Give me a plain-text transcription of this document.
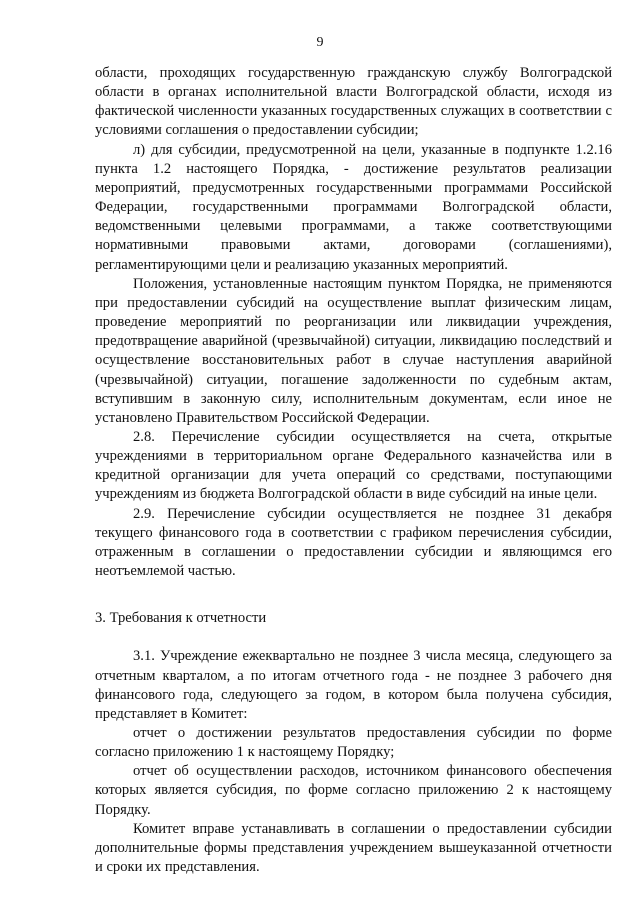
9

области, проходящих государственную гражданскую службу Волгоградской области в органах исполнительной власти Волгоградской области, исходя из фактической численности указанных государственных служащих в соответствии с условиями соглашения о предоставлении субсидии;

л) для субсидии, предусмотренной на цели, указанные в подпункте 1.2.16 пункта 1.2 настоящего Порядка, - достижение результатов реализации мероприятий, предусмотренных государственными программами Российской Федерации, государственными программами Волгоградской области, ведомственными целевыми программами, а также соответствующими нормативными правовыми актами, договорами (соглашениями), регламентирующими цели и реализацию указанных мероприятий.

Положения, установленные настоящим пунктом Порядка, не применяются при предоставлении субсидий на осуществление выплат физическим лицам, проведение мероприятий по реорганизации или ликвидации учреждения, предотвращение аварийной (чрезвычайной) ситуации, ликвидацию последствий и осуществление восстановительных работ в случае наступления аварийной (чрезвычайной) ситуации, погашение задолженности по судебным актам, вступившим в законную силу, исполнительным документам, если иное не установлено Правительством Российской Федерации.

2.8. Перечисление субсидии осуществляется на счета, открытые учреждениями в территориальном органе Федерального казначейства или в кредитной организации для учета операций со средствами, поступающими учреждениям из бюджета Волгоградской области в виде субсидий на иные цели.

2.9. Перечисление субсидии осуществляется не позднее 31 декабря текущего финансового года в соответствии с графиком перечисления субсидии, отраженным в соглашении о предоставлении субсидии и являющимся его неотъемлемой частью.

3. Требования к отчетности

3.1. Учреждение ежеквартально не позднее 3 числа месяца, следующего за отчетным кварталом, а по итогам отчетного года - не позднее 3 рабочего дня финансового года, следующего за годом, в котором была получена субсидия, представляет в Комитет:

отчет о достижении результатов предоставления субсидии по форме согласно приложению 1 к настоящему Порядку;

отчет об осуществлении расходов, источником финансового обеспечения которых является субсидия, по форме согласно приложению 2 к настоящему Порядку.

Комитет вправе устанавливать в соглашении о предоставлении субсидии дополнительные формы представления учреждением вышеуказанной отчетности и сроки их представления.
